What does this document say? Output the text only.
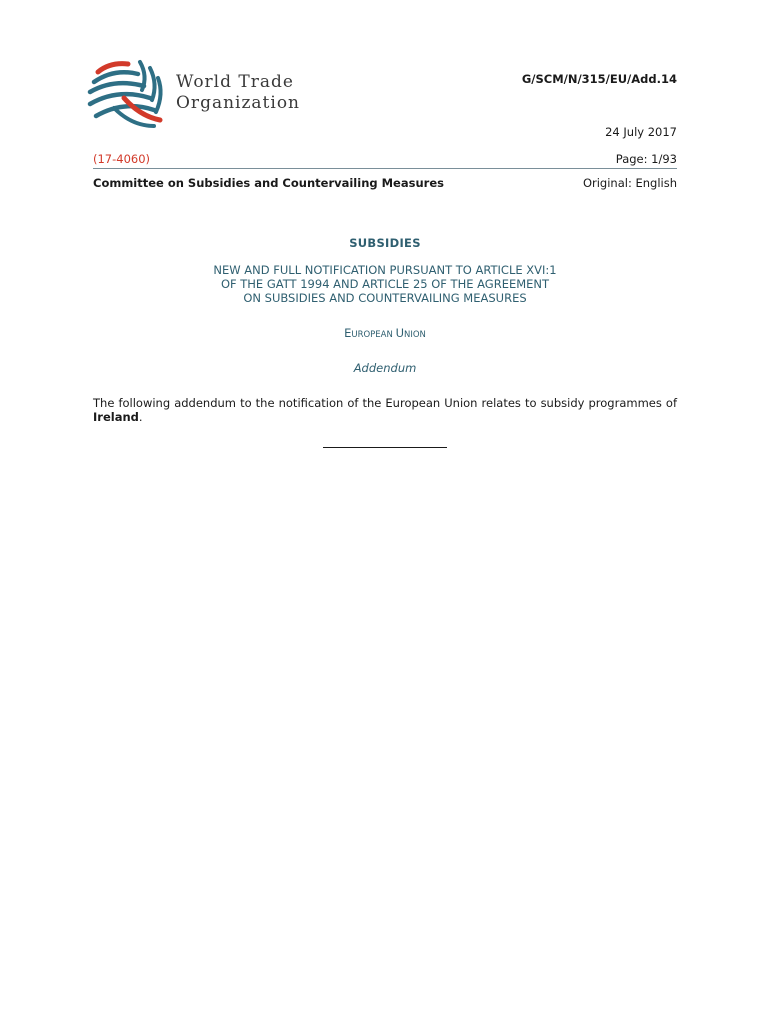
World Trade
Organization
G/SCM/N/315/EU/Add.14
24 July 2017
(17-4060)	Page: 1/93
Committee on Subsidies and Countervailing Measures	Original: English
SUBSIDIES
NEW AND FULL NOTIFICATION PURSUANT TO ARTICLE XVI:1
OF THE GATT 1994 AND ARTICLE 25 OF THE AGREEMENT
ON SUBSIDIES AND COUNTERVAILING MEASURES
EUROPEAN UNION
Addendum
The following addendum to the notification of the European Union relates to subsidy programmes of Ireland.
